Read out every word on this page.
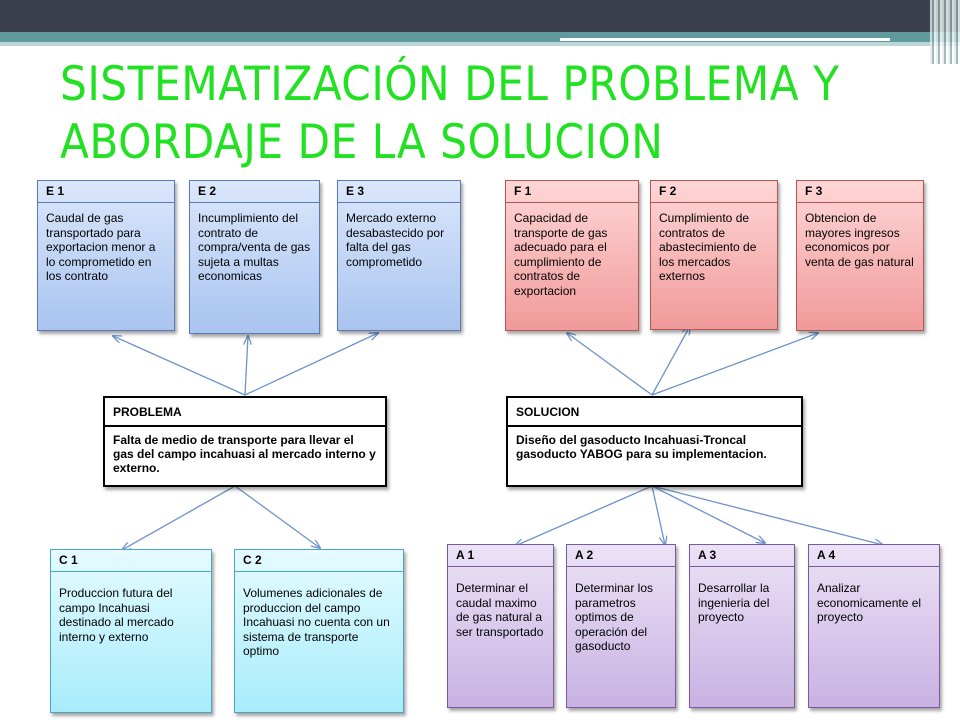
SISTEMATIZACIÓN DEL PROBLEMA Y
ABORDAJE DE LA SOLUCION
E 1
Caudal de gas transportado para exportacion menor a lo comprometido en los contrato
E 2
Incumplimiento del contrato de compra/venta de gas sujeta a multas economicas
E 3
Mercado externo desabastecido por falta del gas comprometido
F 1
Capacidad de transporte de gas adecuado para el cumplimiento de contratos de exportacion
F 2
Cumplimiento de contratos de abastecimiento de los mercados externos
F 3
Obtencion de mayores ingresos economicos por venta de gas natural
PROBLEMA
Falta de medio de transporte para llevar el gas del campo incahuasi al mercado interno y externo.
SOLUCION
Diseño del gasoducto Incahuasi-Troncal gasoducto YABOG para su implementacion.
C 1
Produccion futura del campo Incahuasi destinado al mercado interno y externo
C 2
Volumenes adicionales de produccion del campo Incahuasi no cuenta con un sistema de transporte optimo
A 1
Determinar el caudal maximo de gas natural a ser transportado
A 2
Determinar los parametros optimos de operación del gasoducto
A 3
Desarrollar la ingenieria del proyecto
A 4
Analizar economicamente el proyecto
